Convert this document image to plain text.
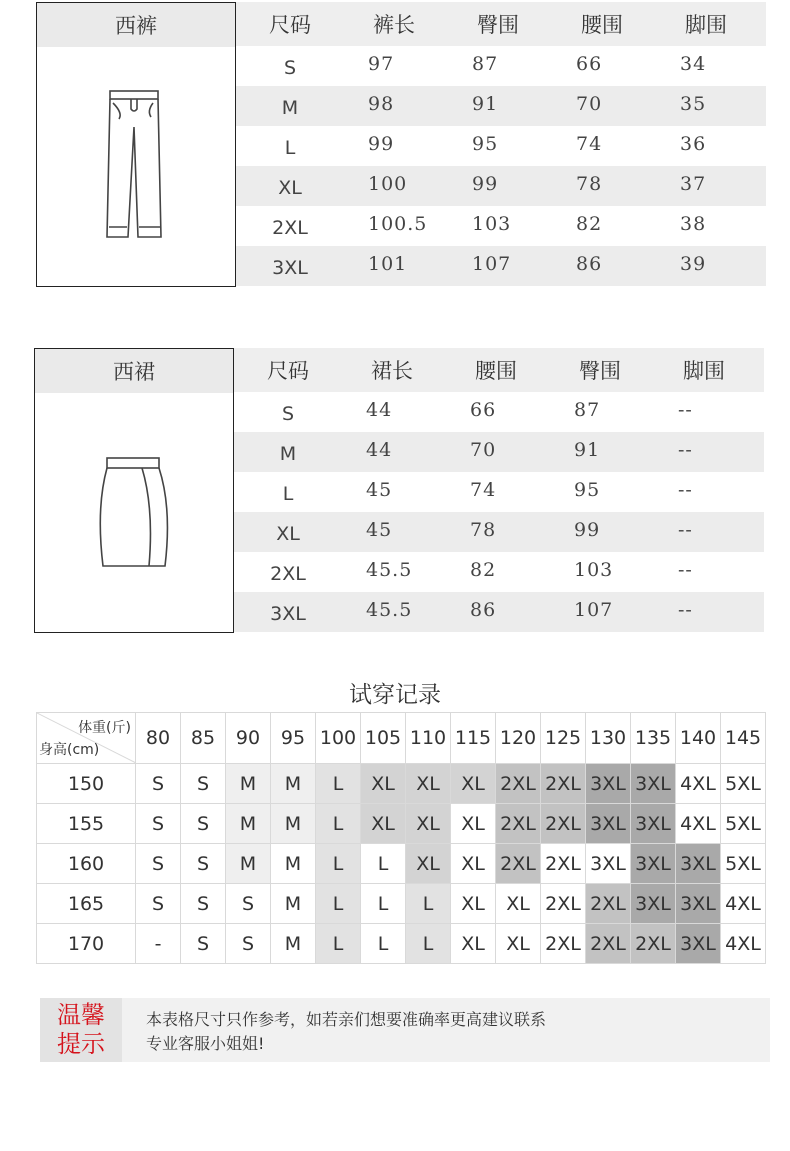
西裤	尺码	裤长	臀围	腰围	脚围
S	97	87	66	34
M	98	91	70	35
L	99	95	74	36
XL	100	99	78	37
2XL	100.5	103	82	38
3XL	101	107	86	39
西裙	尺码	裙长	腰围	臀围	脚围
S	44	66	87	--
M	44	70	91	--
L	45	74	95	--
XL	45	78	99	--
2XL	45.5	82	103	--
3XL	45.5	86	107	--
试穿记录
体重(斤)
身高(cm)	80	85	90	95	100	105	110	115	120	125	130	135	140	145
150	S	S	M	M	L	XL	XL	XL	2XL	2XL	3XL	3XL	4XL	5XL
155	S	S	M	M	L	XL	XL	XL	2XL	2XL	3XL	3XL	4XL	5XL
160	S	S	M	M	L	L	XL	XL	2XL	2XL	3XL	3XL	3XL	5XL
165	S	S	S	M	L	L	L	XL	XL	2XL	2XL	3XL	3XL	4XL
170	-	S	S	M	L	L	L	XL	XL	2XL	2XL	2XL	3XL	4XL
温馨
提示
本表格尺寸只作参考，如若亲们想要准确率更高建议联系
专业客服小姐姐!
